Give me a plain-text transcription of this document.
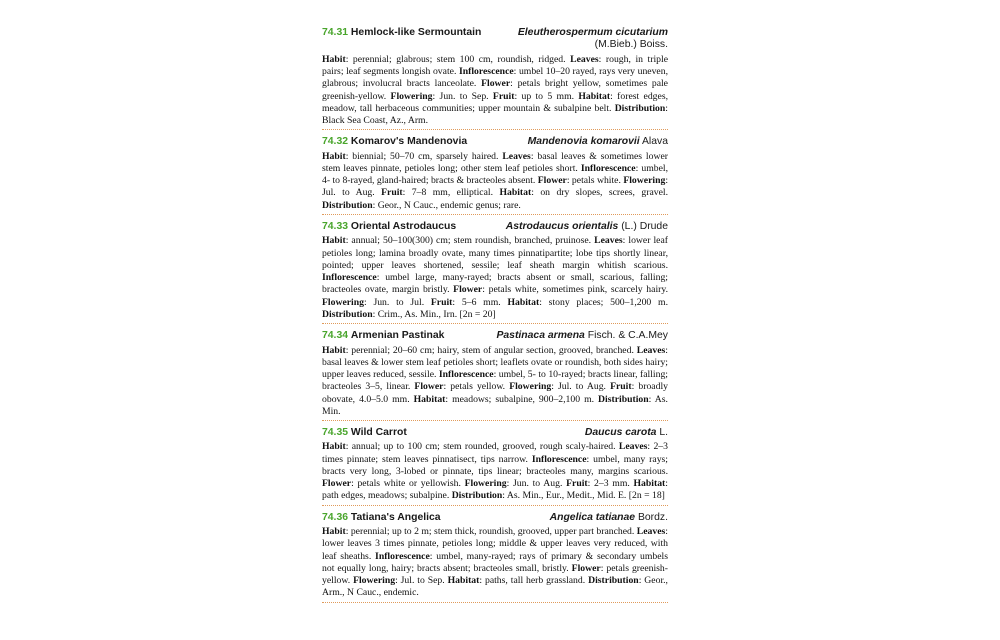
74.31 Hemlock-like Sermountain	Eleutherospermum cicutarium (M.Bieb.) Boiss.
Habit: perennial; glabrous; stem 100 cm, roundish, ridged. Leaves: rough, in triple pairs; leaf segments longish ovate. Inflorescence: umbel 10–20 rayed, rays very uneven, glabrous; involucral bracts lanceolate. Flower: petals bright yellow, sometimes pale greenish-yellow. Flowering: Jun. to Sep. Fruit: up to 5 mm. Habitat: forest edges, meadow, tall herbaceous communities; upper mountain & subalpine belt. Distribution: Black Sea Coast, Az., Arm.
74.32 Komarov's Mandenovia	Mandenovia komarovii Alava
Habit: biennial; 50–70 cm, sparsely haired. Leaves: basal leaves & sometimes lower stem leaves pinnate, petioles long; other stem leaf petioles short. Inflorescence: umbel, 4- to 8-rayed, gland-haired; bracts & bracteoles absent. Flower: petals white. Flowering: Jul. to Aug. Fruit: 7–8 mm, elliptical. Habitat: on dry slopes, screes, gravel. Distribution: Geor., N Cauc., endemic genus; rare.
74.33 Oriental Astrodaucus	Astrodaucus orientalis (L.) Drude
Habit: annual; 50–100(300) cm; stem roundish, branched, pruinose. Leaves: lower leaf petioles long; lamina broadly ovate, many times pinnatipartite; lobe tips shortly linear, pointed; upper leaves shortened, sessile; leaf sheath margin whitish scarious. Inflorescence: umbel large, many-rayed; bracts absent or small, scarious, falling; bracteoles ovate, margin bristly. Flower: petals white, sometimes pink, scarcely hairy. Flowering: Jun. to Jul. Fruit: 5–6 mm. Habitat: stony places; 500–1,200 m. Distribution: Crim., As. Min., Irn. [2n = 20]
74.34 Armenian Pastinak	Pastinaca armena Fisch. & C.A.Mey
Habit: perennial; 20–60 cm; hairy, stem of angular section, grooved, branched. Leaves: basal leaves & lower stem leaf petioles short; leaflets ovate or roundish, both sides hairy; upper leaves reduced, sessile. Inflorescence: umbel, 5- to 10-rayed; bracts linear, falling; bracteoles 3–5, linear. Flower: petals yellow. Flowering: Jul. to Aug. Fruit: broadly obovate, 4.0–5.0 mm. Habitat: meadows; subalpine, 900–2,100 m. Distribution: As. Min.
74.35 Wild Carrot	Daucus carota L.
Habit: annual; up to 100 cm; stem rounded, grooved, rough scaly-haired. Leaves: 2–3 times pinnate; stem leaves pinnatisect, tips narrow. Inflorescence: umbel, many rays; bracts very long, 3-lobed or pinnate, tips linear; bracteoles many, margins scarious. Flower: petals white or yellowish. Flowering: Jun. to Aug. Fruit: 2–3 mm. Habitat: path edges, meadows; subalpine. Distribution: As. Min., Eur., Medit., Mid. E. [2n = 18]
74.36 Tatiana's Angelica	Angelica tatianae Bordz.
Habit: perennial; up to 2 m; stem thick, roundish, grooved, upper part branched. Leaves: lower leaves 3 times pinnate, petioles long; middle & upper leaves very reduced, with leaf sheaths. Inflorescence: umbel, many-rayed; rays of primary & secondary umbels not equally long, hairy; bracts absent; bracteoles small, bristly. Flower: petals greenish-yellow. Flowering: Jul. to Sep. Habitat: paths, tall herb grassland. Distribution: Geor., Arm., N Cauc., endemic.
